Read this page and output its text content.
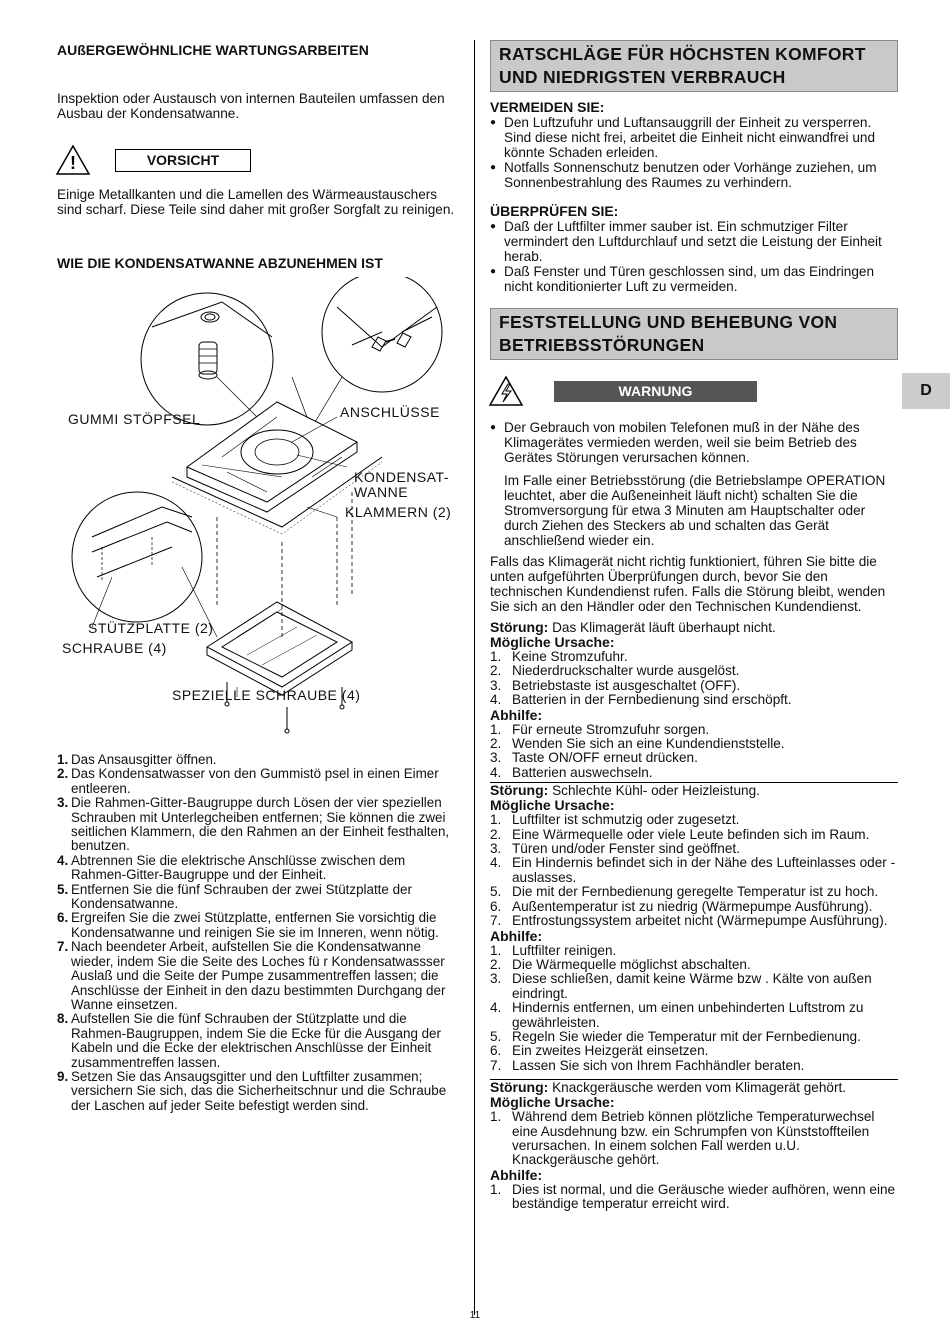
AUßERGEWÖHNLICHE WARTUNGSARBEITEN

Inspektion oder Austausch von internen Bauteilen umfassen den Ausbau der Kondensatwanne.

!	VORSICHT

Einige Metallkanten und die Lamellen des Wärmeaustauschers sind scharf. Diese Teile sind daher mit großer Sorgfalt zu reinigen.

WIE DIE KONDENSATWANNE ABZUNEHMEN IST

GUMMI STÖPFSEL	ANSCHLÜSSE
KONDENSAT-
WANNE
KLAMMERN (2)
STÜTZPLATTE (2)
SCHRAUBE (4)
SPEZIELLE SCHRAUBE (4)
1. Das Ansausgitter öffnen.
2. Das Kondensatwasser von den Gummistö psel in einen Eimer entleeren.
3. Die Rahmen-Gitter-Baugruppe durch Lösen der vier speziellen Schrauben mit Unterlegcheiben entfernen; Sie können die zwei seitlichen Klammern, die den Rahmen an der Einheit festhalten, benutzen.
4. Abtrennen Sie die elektrische Anschlüsse zwischen dem Rahmen-Gitter-Baugruppe und der Einheit.
5. Entfernen Sie die fünf Schrauben der zwei Stützplatte der Kondensatwanne.
6. Ergreifen Sie die zwei Stützplatte, entfernen Sie vorsichtig die Kondensatwanne und reinigen Sie sie im Inneren, wenn nötig.
7. Nach beendeter Arbeit, aufstellen Sie die Kondensatwanne wieder, indem Sie die Seite des Loches fü r Kondensatwassser Auslaß und die Seite der Pumpe zusammentreffen lassen; die Anschlüsse der Einheit in den dazu bestimmten Durchgang der Wanne einsetzen.
8. Aufstellen Sie die fünf Schrauben der Stützplatte und die Rahmen-Baugruppen, indem Sie die Ecke für die Ausgang der Kabeln und die Ecke der elektrischen Anschlüsse der Einheit zusammentreffen lassen.
9. Setzen Sie das Ansaugsgitter und den Luftfilter zusammen; versichern Sie sich, das die Sicherheitschnur und die Schraube der Laschen auf jeder Seite befestigt werden sind.
RATSCHLÄGE FÜR HÖCHSTEN KOMFORT UND NIEDRIGSTEN VERBRAUCH

VERMEIDEN SIE:

● Den Luftzufuhr und Luftansauggrill der Einheit zu versperren. Sind diese nicht frei, arbeitet die Einheit nicht einwandfrei und könnte Schaden erleiden.
● Notfalls Sonnenschutz benutzen oder Vorhänge zuziehen, um Sonnenbestrahlung des Raumes zu verhindern.

ÜBERPRÜFEN SIE:

● Daß der Luftfilter immer sauber ist. Ein schmutziger Filter vermindert den Luftdurchlauf und setzt die Leistung der Einheit herab.
● Daß Fenster und Türen geschlossen sind, um das Eindringen nicht konditionierter Luft zu vermeiden.
FESTSTELLUNG UND BEHEBUNG VON BETRIEBSSTÖRUNGEN
WARNUNG
● Der Gebrauch von mobilen Telefonen muß in der Nähe des Klimagerätes vermieden werden, weil sie beim Betrieb des Gerätes Störungen verursachen können.

Im Falle einer Betriebsstörung (die Betriebslampe OPERATION leuchtet, aber die Außeneinheit läuft nicht) schalten Sie die Stromversorgung für etwa 3 Minuten am Hauptschalter oder durch Ziehen des Steckers ab und schalten das Gerät anschließend wieder ein.

Falls das Klimagerät nicht richtig funktioniert, führen Sie bitte die unten aufgeführten Überprüfungen durch, bevor Sie den technischen Kundendienst rufen. Falls die Störung bleibt, wenden Sie sich an den Händler oder den Technischen Kundendienst.

Störung: Das Klimagerät läuft überhaupt nicht.

Mögliche Ursache:

1. Keine Stromzufuhr.
2. Niederdruckschalter wurde ausgelöst.
3. Betriebstaste ist ausgeschaltet (OFF).
4. Batterien in der Fernbedienung sind erschöpft.

Abhilfe:

1. Für erneute Stromzufuhr sorgen.
2. Wenden Sie sich an eine Kundendienststelle.
3. Taste ON/OFF erneut drücken.
4. Batterien auswechseln.

Störung: Schlechte Kühl- oder Heizleistung.

Mögliche Ursache:

1. Luftfilter ist schmutzig oder zugesetzt.
2. Eine Wärmequelle oder viele Leute befinden sich im Raum.
3. Türen und/oder Fenster sind geöffnet.
4. Ein Hindernis befindet sich in der Nähe des Lufteinlasses oder -auslasses.
5. Die mit der Fernbedienung geregelte Temperatur ist zu hoch.
6. Außentemperatur ist zu niedrig (Wärmepumpe Ausführung).
7. Entfrostungssystem arbeitet nicht (Wärmepumpe Ausführung).

Abhilfe:

1. Luftfilter reinigen.
2. Die Wärmequelle möglichst abschalten.
3. Diese schließen, damit keine Wärme bzw . Kälte von außen eindringt.
4. Hindernis entfernen, um einen unbehinderten Luftstrom zu gewährleisten.
5. Regeln Sie wieder die Temperatur mit der Fernbedienung.
6. Ein zweites Heizgerät einsetzen.
7. Lassen Sie sich von Ihrem Fachhändler beraten.

Störung: Knackgeräusche werden vom Klimagerät gehört.

Mögliche Ursache:

1. Während dem Betrieb können plötzliche Temperaturwechsel eine Ausdehnung bzw. ein Schrumpfen von Künststoffteilen verursachen. In einem solchen Fall werden u.U. Knackgeräusche gehört.

Abhilfe:

1. Dies ist normal, und die Geräusche wieder aufhören, wenn eine beständige temperatur erreicht wird.
D
11
